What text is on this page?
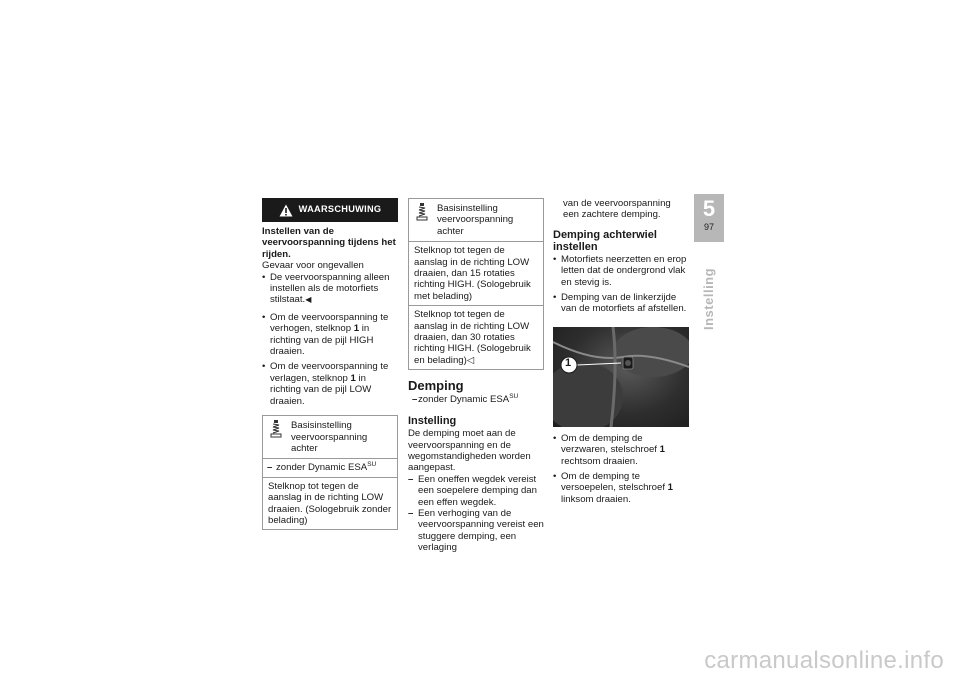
WAARSCHUWING
Instellen van de veervoorspanning tijdens het rijden.
Gevaar voor ongevallen
• De veervoorspanning alleen instellen als de motorfiets stilstaat.◀
• Om de veervoorspanning te verhogen, stelknop 1 in richting van de pijl HIGH draaien.
• Om de veervoorspanning te verlagen, stelknop 1 in richting van de pijl LOW draaien.
Basisinstelling veervoorspanning achter
– zonder Dynamic $ESA^{SU}$
Stelknop tot tegen de aanslag in de richting LOW draaien. (Sologebruik zonder belading)
Basisinstelling veervoorspanning achter
Stelknop tot tegen de aanslag in de richting LOW draaien, dan 15 rotaties richting HIGH. (Sologebruik met belading)
Stelknop tot tegen de aanslag in de richting LOW draaien, dan 30 rotaties richting HIGH. (Sologebruik en belading)◁
Demping
– zonder Dynamic $ESA^{SU}$
Instelling
De demping moet aan de veervoorspanning en de wegomstandigheden worden aangepast.
– Een oneffen wegdek vereist een soepelere demping dan een effen wegdek.
– Een verhoging van de veervoorspanning vereist een stuggere demping, een verlaging
van de veervoorspanning een zachtere demping.
Demping achterwiel instellen
• Motorfiets neerzetten en erop letten dat de ondergrond vlak en stevig is.
• Demping van de linkerzijde van de motorfiets af afstellen.
1
• Om de demping de verzwaren, stelschroef 1 rechtsom draaien.
• Om de demping te versoepelen, stelschroef 1 linksom draaien.
5
97
Instelling
carmanualsonline.info
